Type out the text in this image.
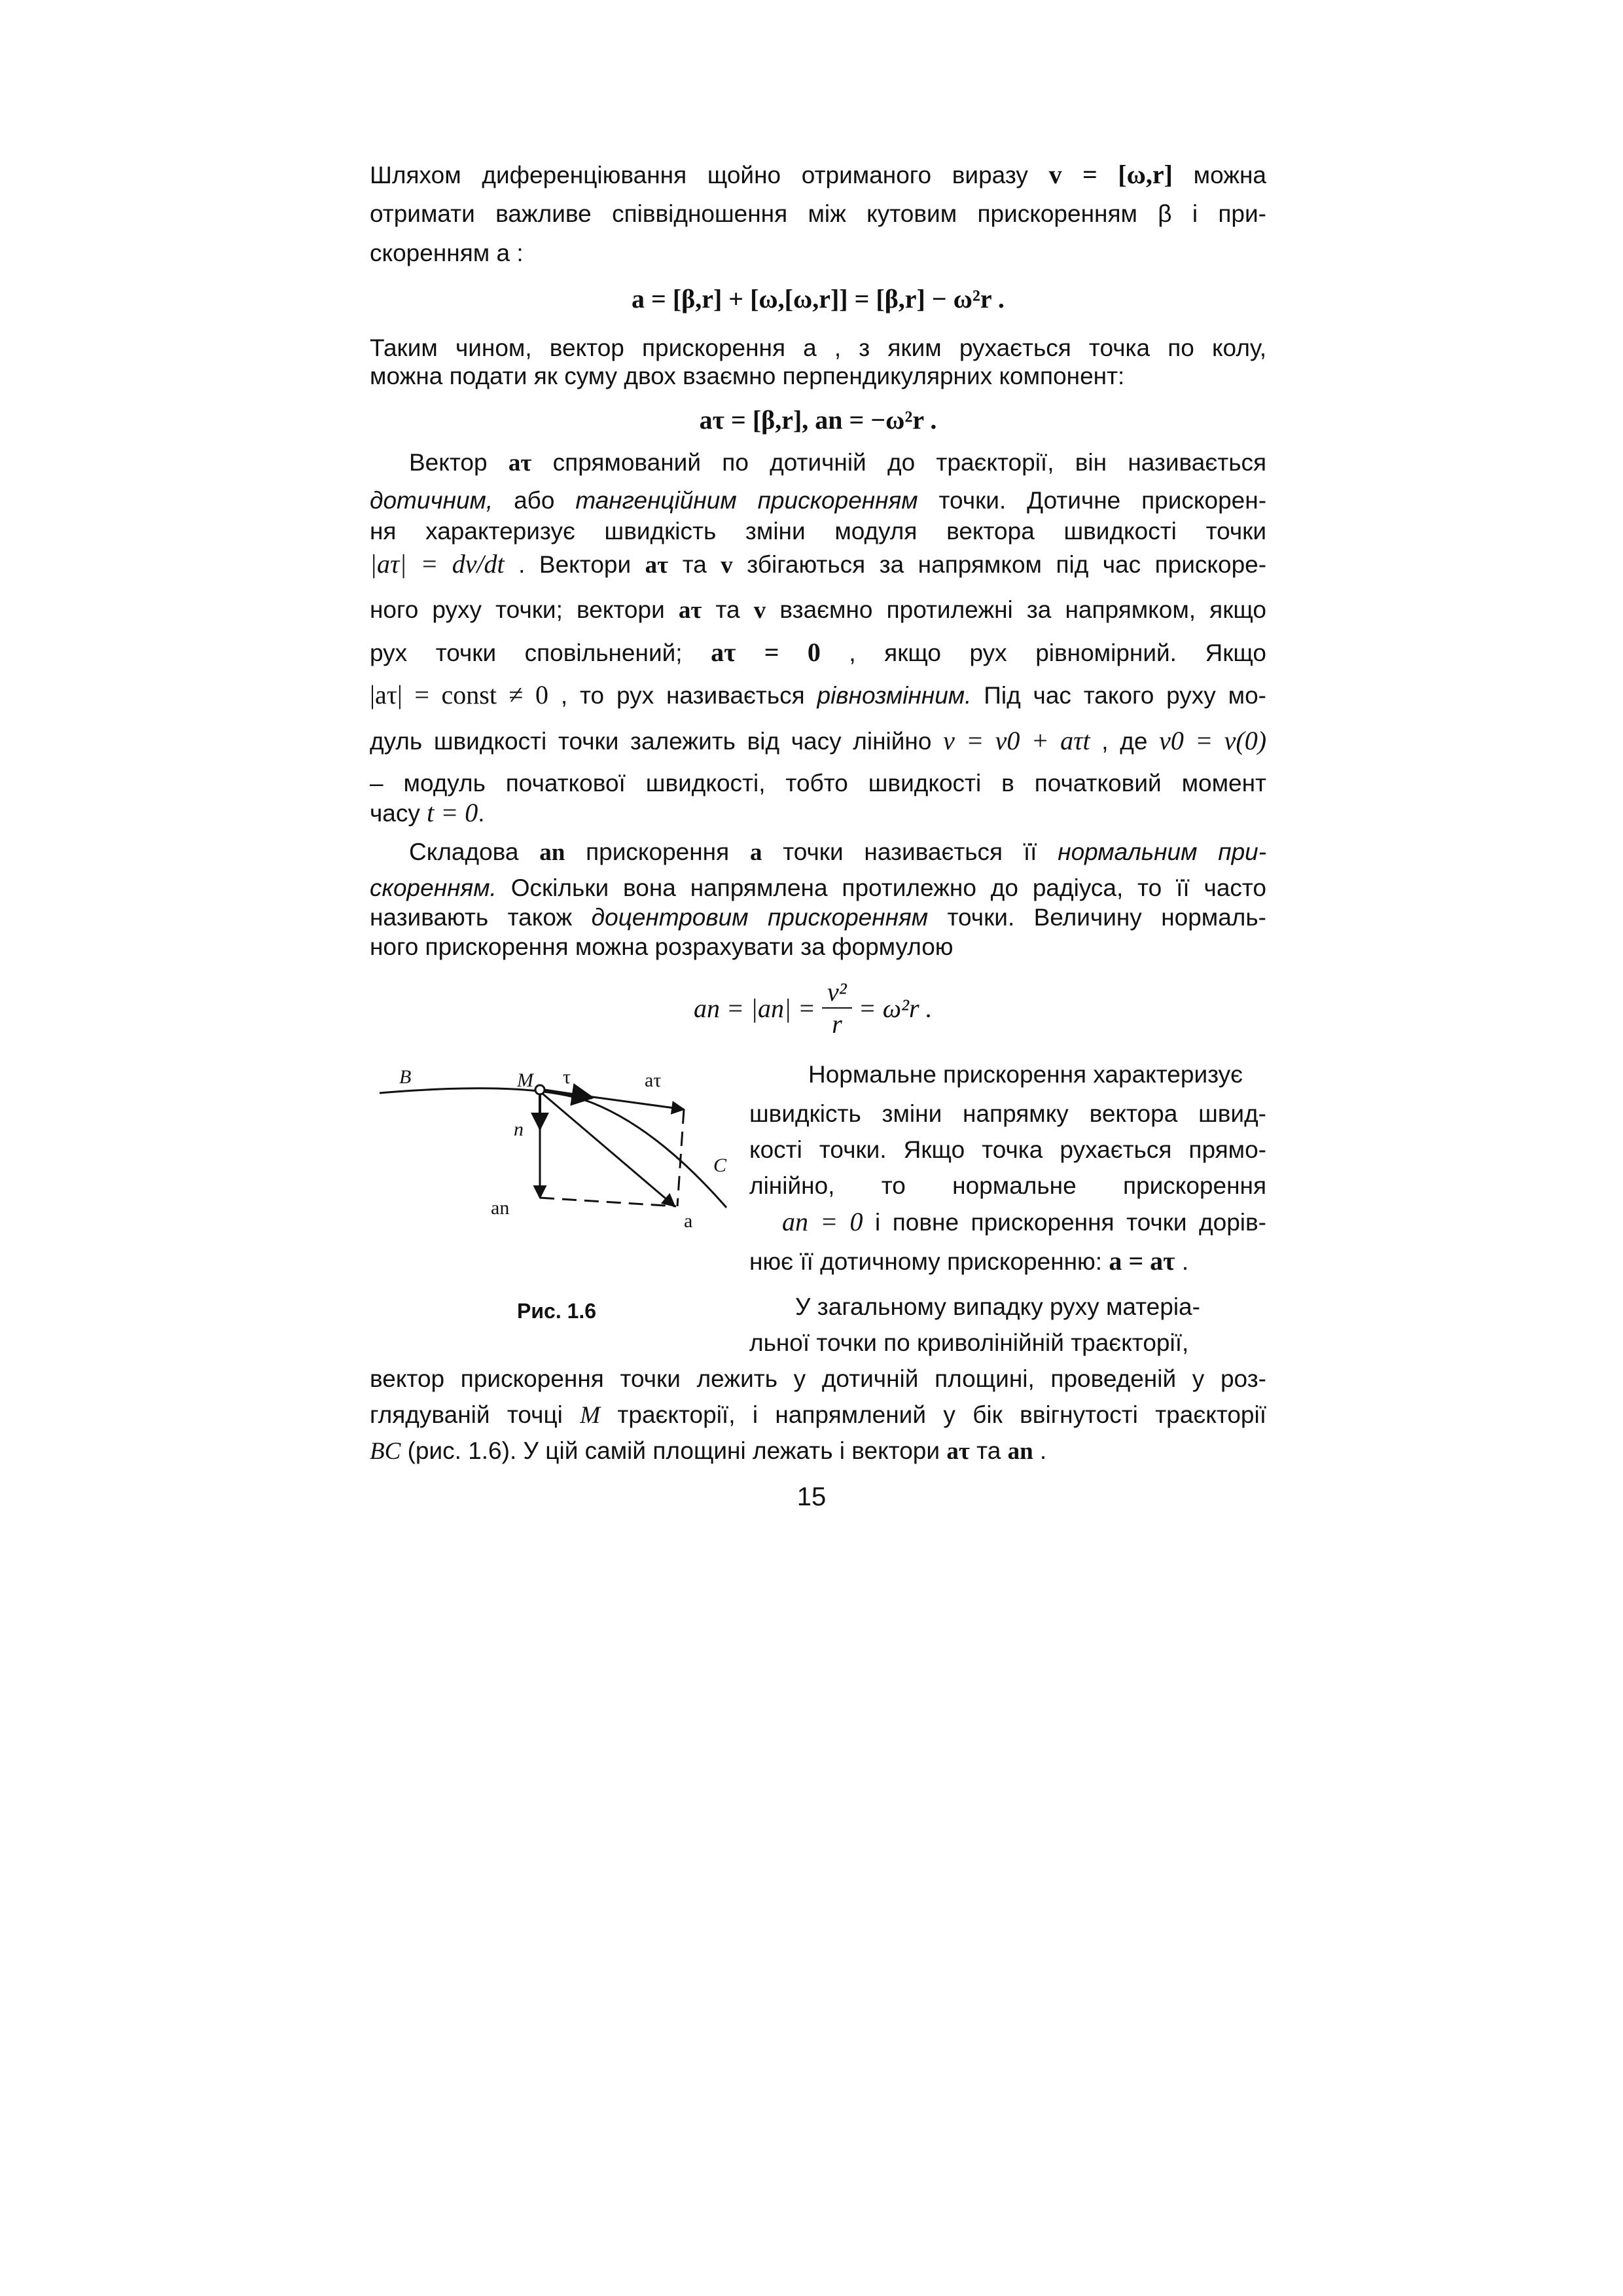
Шляхом диференціювання щойно отриманого виразу v = [ω,r] можна
отримати важливе співвідношення між кутовим прискоренням β і при-
скоренням a :
a = [β,r] + [ω,[ω,r]] = [β,r] − ω²r .
Таким чином, вектор прискорення a , з яким рухається точка по колу,
можна подати як суму двох взаємно перпендикулярних компонент:
aτ = [β,r], an = −ω²r .
Вектор aτ спрямований по дотичній до траєкторії, він називається
дотичним, або тангенційним прискоренням точки. Дотичне прискорен-
ня характеризує швидкість зміни модуля вектора швидкості точки
|aτ| = dv/dt . Вектори aτ та v збігаються за напрямком під час прискоре-
ного руху точки; вектори aτ та v взаємно протилежні за напрямком, якщо
рух точки сповільнений; aτ = 0 , якщо рух рівномірний. Якщо
|aτ| = const ≠ 0 , то рух називається рівнозмінним. Під час такого руху мо-
дуль швидкості точки залежить від часу лінійно v = v0 + aτt , де v0 = v(0)
– модуль початкової швидкості, тобто швидкості в початковий момент
часу t = 0.
Складова an прискорення a точки називається її нормальним при-
скоренням. Оскільки вона напрямлена протилежно до радіуса, то її часто
називають також доцентровим прискоренням точки. Величину нормаль-
ного прискорення можна розрахувати за формулою
an = $|an| = \frac{\text{v²}}{r} = \omega^2r$ .
B	M τ	aτ
C
n
an
a
Рис. 1.6
Нормальне прискорення характеризує
швидкість зміни напрямку вектора швид-
кості точки. Якщо точка рухається прямо-
лінійно, то нормальне прискорення
an = 0 і повне прискорення точки дорів-
нює її дотичному прискоренню: a = aτ .
У загальному випадку руху матеріа-
льної точки по криволінійній траєкторії,
вектор прискорення точки лежить у дотичній площині, проведеній у роз-
глядуваній точці M траєкторії, і напрямлений у бік ввігнутості траєкторії
BC (рис. 1.6). У цій самій площині лежать і вектори aτ та an .
15
